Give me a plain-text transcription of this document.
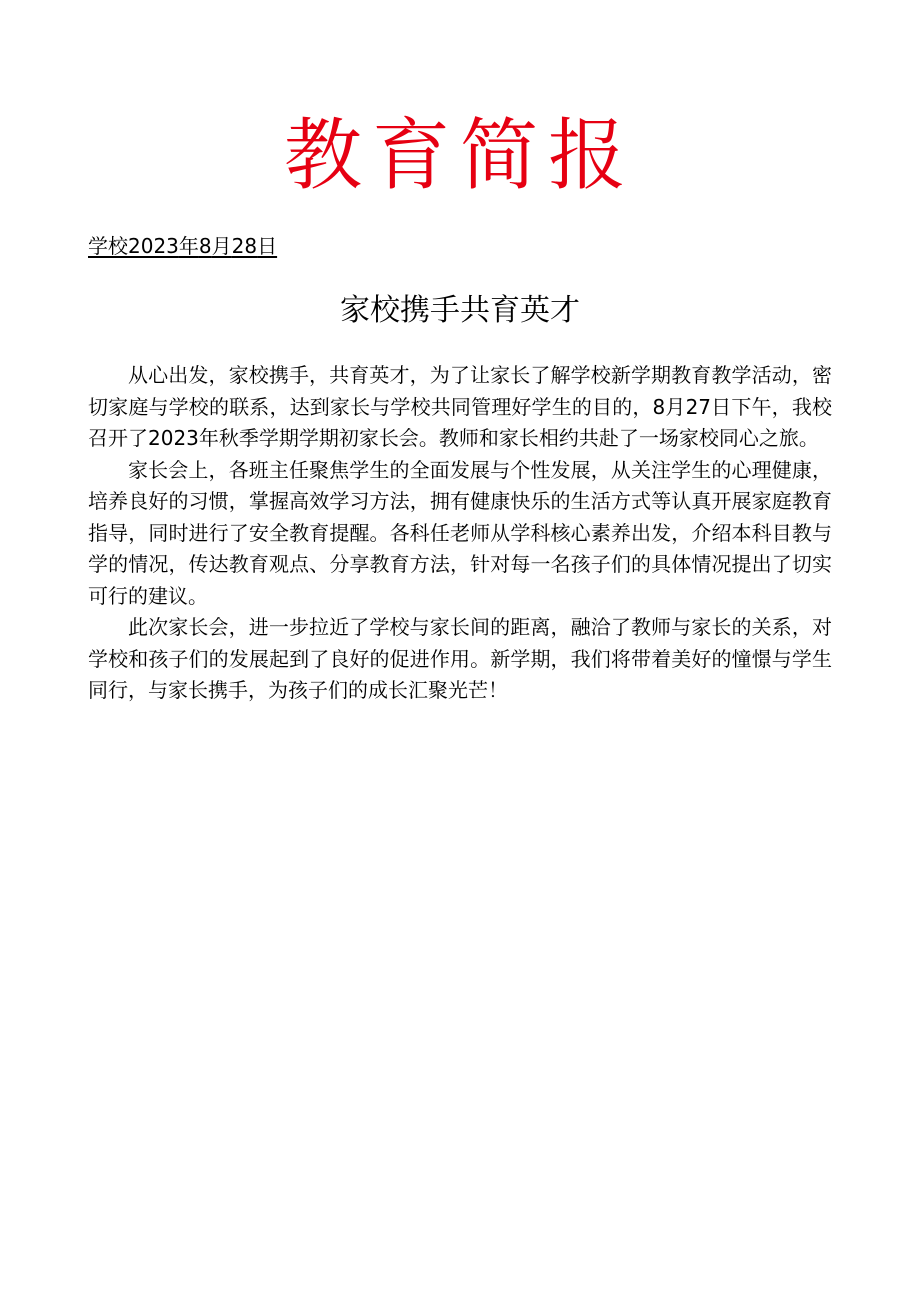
教育简报
学校2023年8月28日
家校携手共育英才

从心出发，家校携手，共育英才，为了让家长了解学校新学期教育教学活动，密切家庭与学校的联系，达到家长与学校共同管理好学生的目的，8月27日下午，我校召开了2023年秋季学期学期初家长会。教师和家长相约共赴了一场家校同心之旅。

家长会上，各班主任聚焦学生的全面发展与个性发展，从关注学生的心理健康，培养良好的习惯，掌握高效学习方法，拥有健康快乐的生活方式等认真开展家庭教育指导，同时进行了安全教育提醒。各科任老师从学科核心素养出发，介绍本科目教与学的情况，传达教育观点、分享教育方法，针对每一名孩子们的具体情况提出了切实可行的建议。

此次家长会，进一步拉近了学校与家长间的距离，融洽了教师与家长的关系，对学校和孩子们的发展起到了良好的促进作用。新学期，我们将带着美好的憧憬与学生同行，与家长携手，为孩子们的成长汇聚光芒！
